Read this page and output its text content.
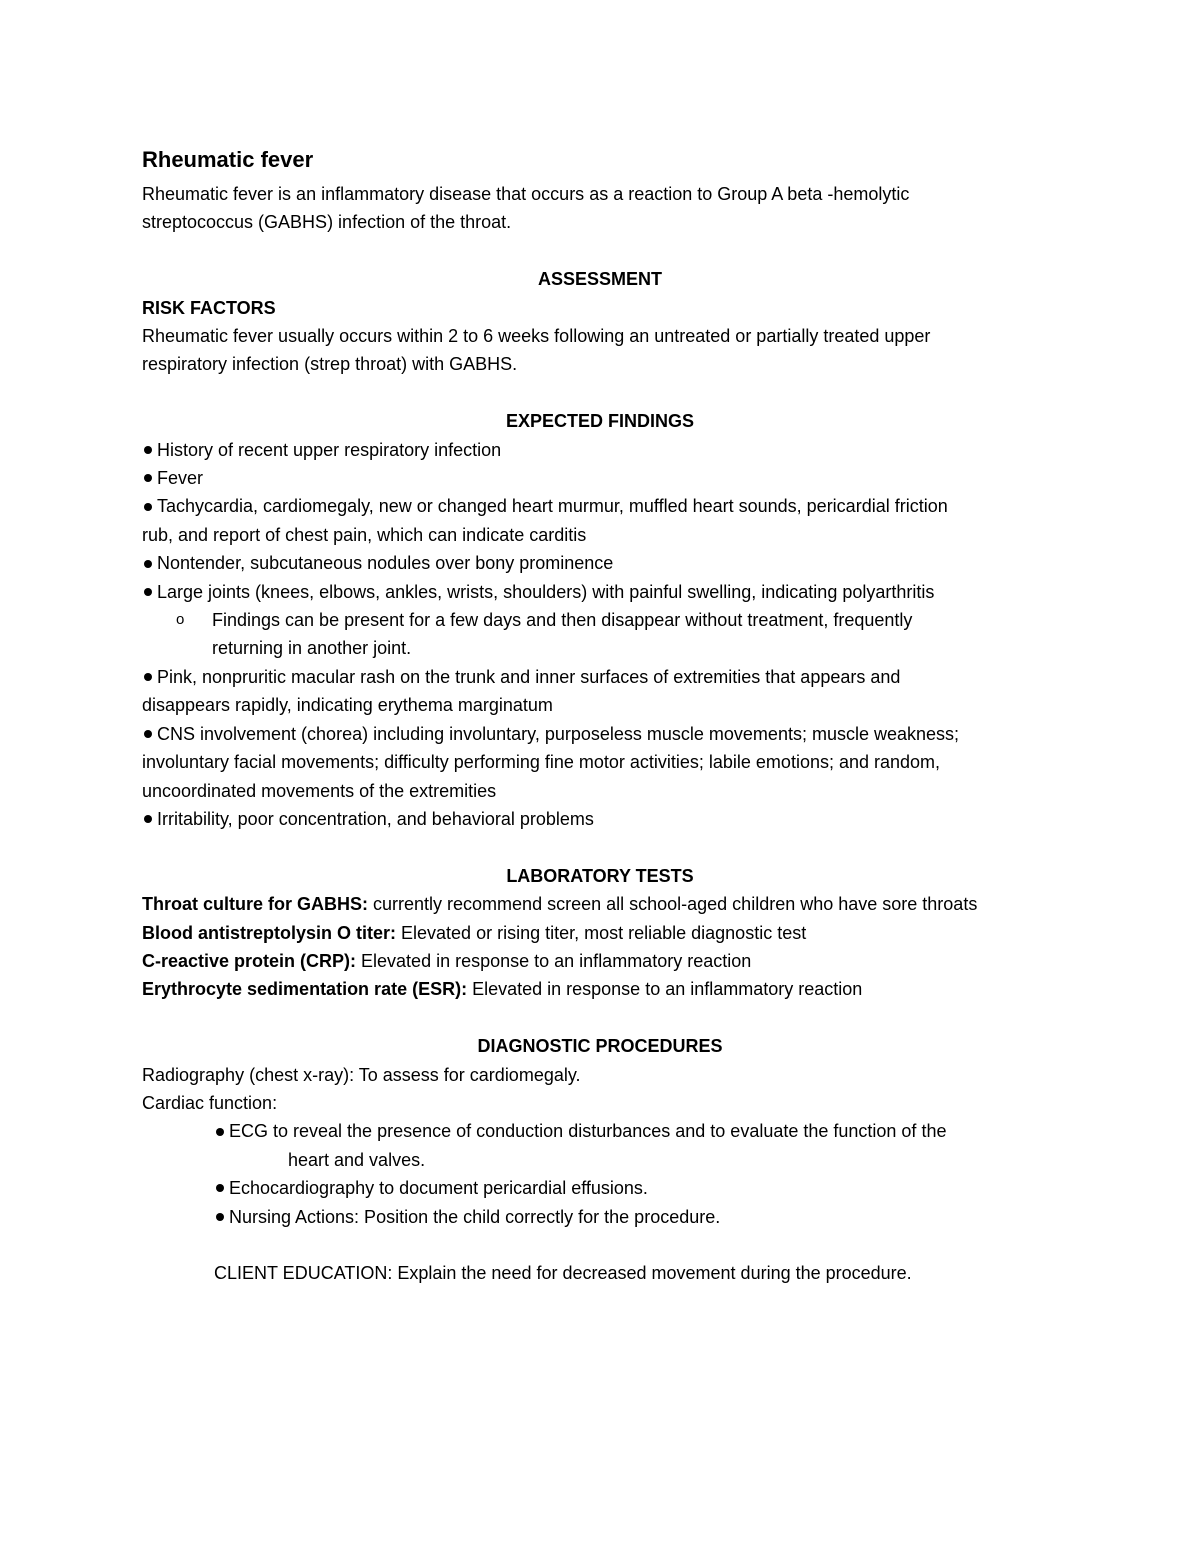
Rheumatic fever

Rheumatic fever is an inflammatory disease that occurs as a reaction to Group A beta -hemolytic

streptococcus (GABHS) infection of the throat.

ASSESSMENT

RISK FACTORS

Rheumatic fever usually occurs within 2 to 6 weeks following an untreated or partially treated upper

respiratory infection (strep throat) with GABHS.

EXPECTED FINDINGS

History of recent upper respiratory infection

Fever

Tachycardia, cardiomegaly, new or changed heart murmur, muffled heart sounds, pericardial friction

rub, and report of chest pain, which can indicate carditis

Nontender, subcutaneous nodules over bony prominence

Large joints (knees, elbows, ankles, wrists, shoulders) with painful swelling, indicating polyarthritis

o Findings can be present for a few days and then disappear without treatment, frequently

returning in another joint.

Pink, nonpruritic macular rash on the trunk and inner surfaces of extremities that appears and

disappears rapidly, indicating erythema marginatum

CNS involvement (chorea) including involuntary, purposeless muscle movements; muscle weakness;

involuntary facial movements; difficulty performing fine motor activities; labile emotions; and random,

uncoordinated movements of the extremities

Irritability, poor concentration, and behavioral problems

LABORATORY TESTS

Throat culture for GABHS: currently recommend screen all school-aged children who have sore throats

Blood antistreptolysin O titer: Elevated or rising titer, most reliable diagnostic test

C-reactive protein (CRP): Elevated in response to an inflammatory reaction

Erythrocyte sedimentation rate (ESR): Elevated in response to an inflammatory reaction

DIAGNOSTIC PROCEDURES

Radiography (chest x-ray): To assess for cardiomegaly.

Cardiac function:

ECG to reveal the presence of conduction disturbances and to evaluate the function of the

heart and valves.

Echocardiography to document pericardial effusions.

Nursing Actions: Position the child correctly for the procedure.

CLIENT EDUCATION: Explain the need for decreased movement during the procedure.
